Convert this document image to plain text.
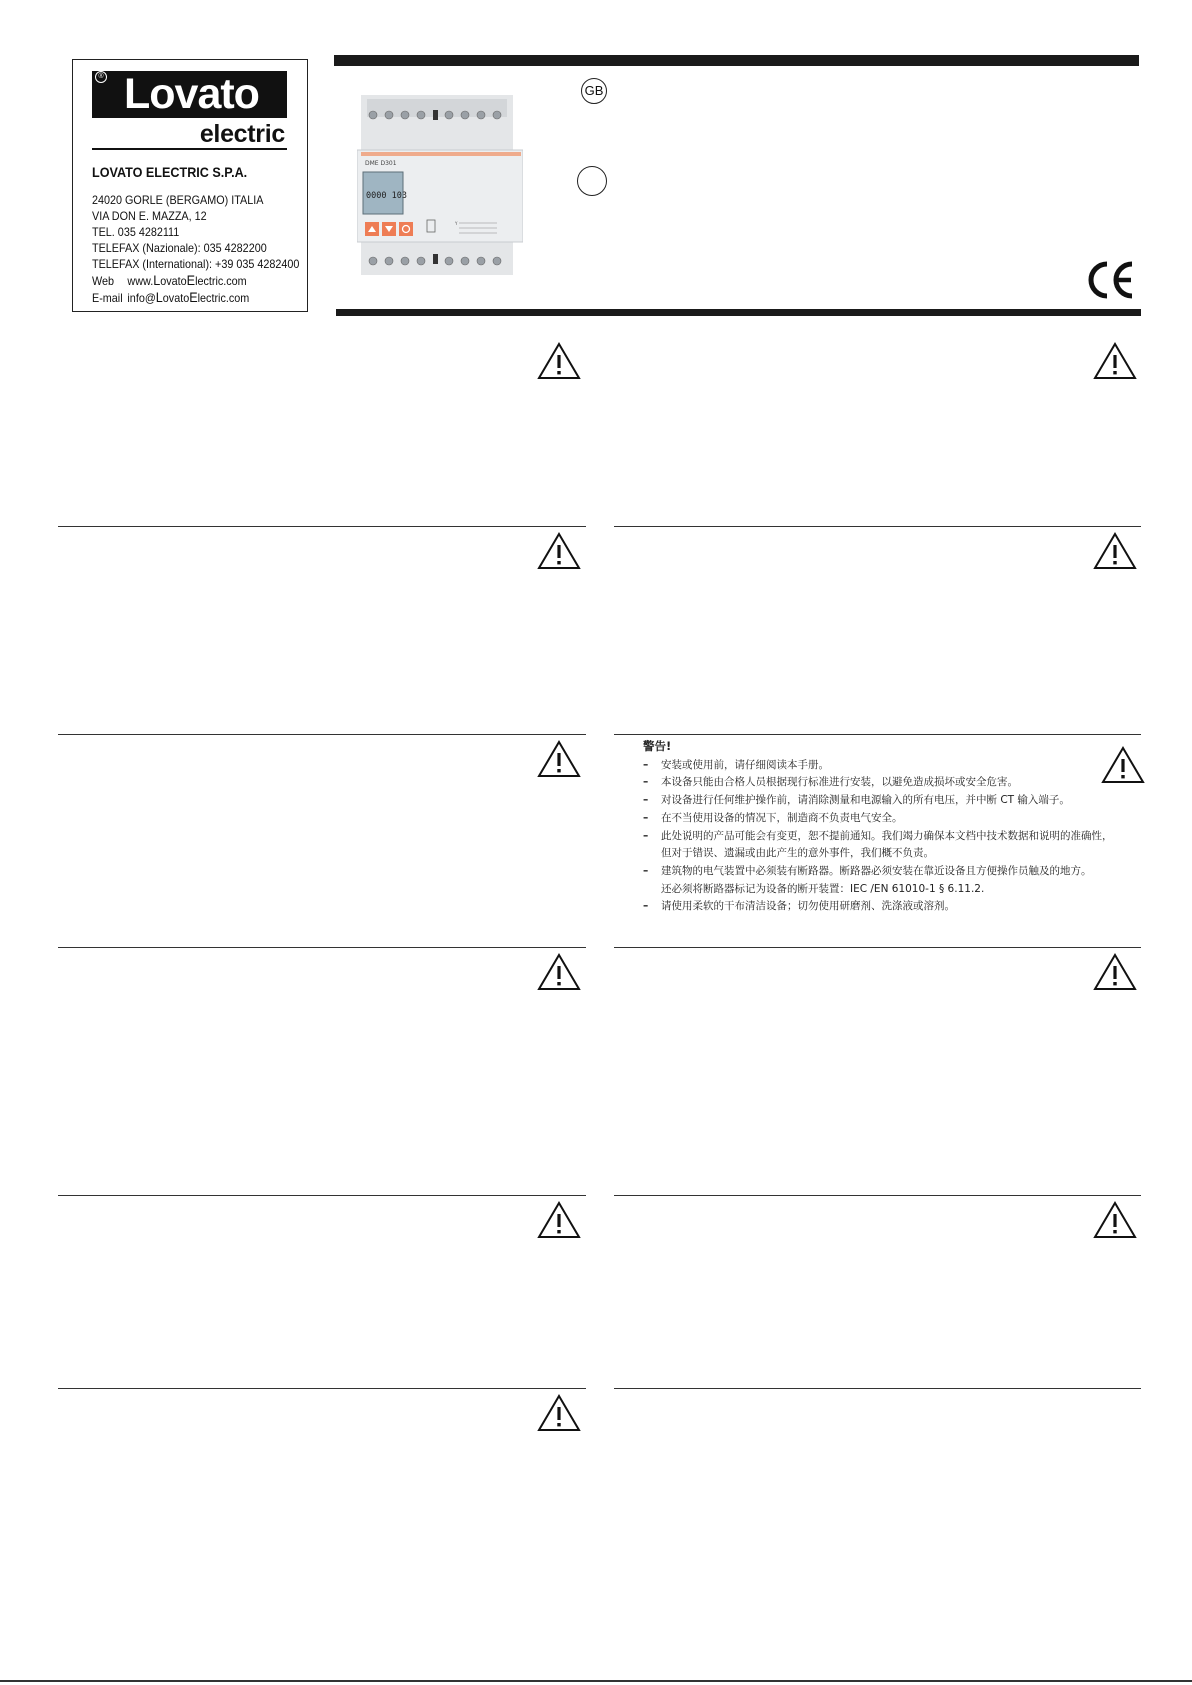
® Lovato
electric
LOVATO ELECTRIC S.P.A.
24020 GORLE (BERGAMO) ITALIA
VIA DON E. MAZZA, 12
TEL. 035 4282111
TELEFAX (Nazionale): 035 4282200
TELEFAX (International): +39 035 4282400
Web www.LovatoElectric.com
E-mail info@LovatoElectric.com
DME D301
0000 103
Y
GB
警告!
– 安装或使用前，请仔细阅读本手册。
– 本设备只能由合格人员根据现行标准进行安装，以避免造成损坏或安全危害。
– 对设备进行任何维护操作前，请消除测量和电源输入的所有电压，并中断 CT 输入端子。
– 在不当使用设备的情况下，制造商不负责电气安全。
– 此处说明的产品可能会有变更，恕不提前通知。我们竭力确保本文档中技术数据和说明的准确性，
但对于错误、遗漏或由此产生的意外事件，我们概不负责。
– 建筑物的电气装置中必须装有断路器。断路器必须安装在靠近设备且方便操作员触及的地方。
还必须将断路器标记为设备的断开装置：IEC /EN 61010-1 § 6.11.2.
– 请使用柔软的干布清洁设备；切勿使用研磨剂、洗涤液或溶剂。
